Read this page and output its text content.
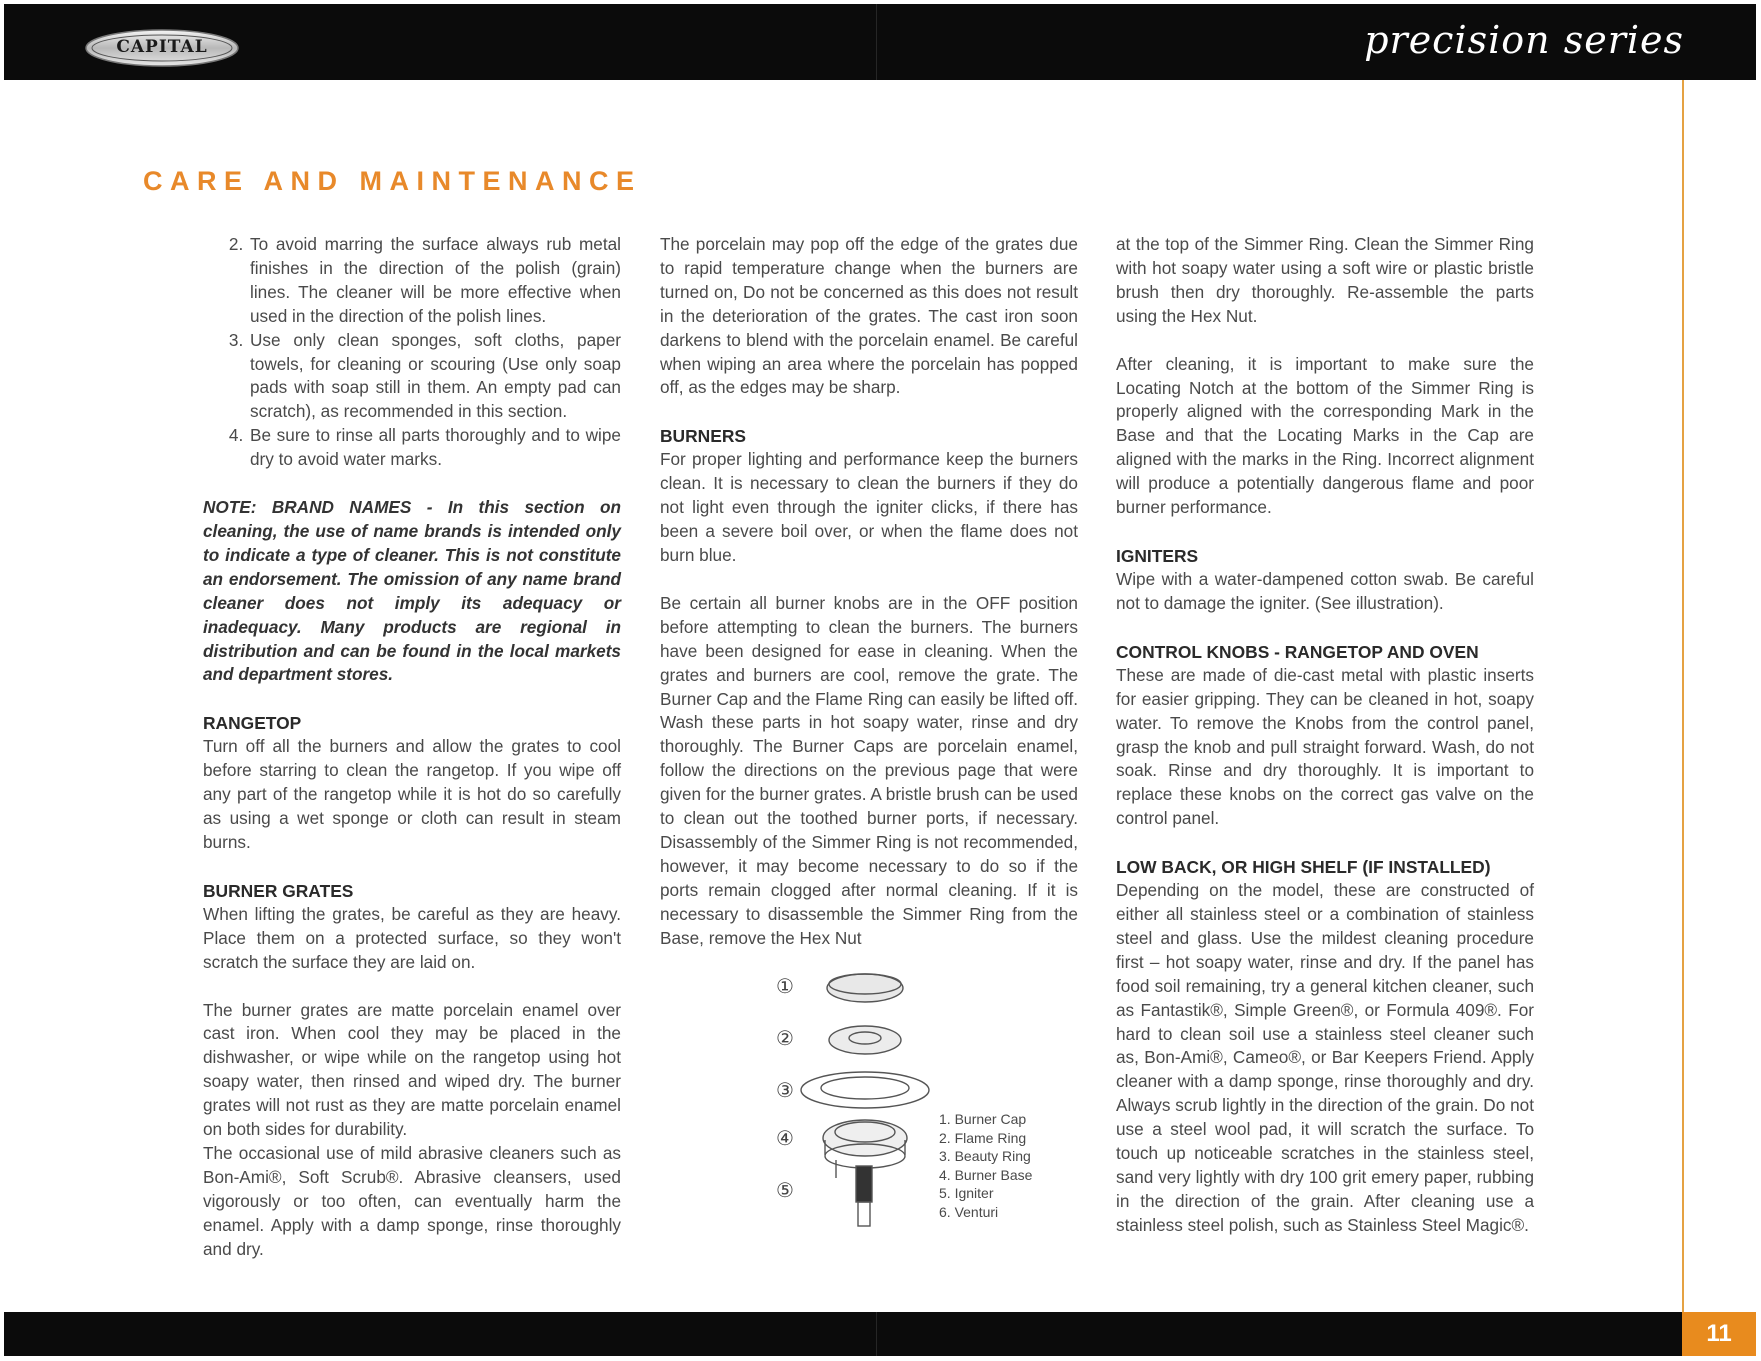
CAPITAL	precision series
CARE AND MAINTENANCE
2. To avoid marring the surface always rub metal finishes in the direction of the polish (grain) lines. The cleaner will be more effective when used in the direction of the polish lines.
3. Use only clean sponges, soft cloths, paper towels, for cleaning or scouring (Use only soap pads with soap still in them. An empty pad can scratch), as recommended in this section.
4. Be sure to rinse all parts thoroughly and to wipe dry to avoid water marks.

NOTE: BRAND NAMES - In this section on cleaning, the use of name brands is intended only to indicate a type of cleaner. This is not constitute an endorsement. The omission of any name brand cleaner does not imply its adequacy or inadequacy. Many products are regional in distribution and can be found in the local markets and department stores.

RANGETOP

Turn off all the burners and allow the grates to cool before starring to clean the rangetop. If you wipe off any part of the rangetop while it is hot do so carefully as using a wet sponge or cloth can result in steam burns.

BURNER GRATES

When lifting the grates, be careful as they are heavy. Place them on a protected surface, so they won't scratch the surface they are laid on.

The burner grates are matte porcelain enamel over cast iron. When cool they may be placed in the dishwasher, or wipe while on the rangetop using hot soapy water, then rinsed and wiped dry. The burner grates will not rust as they are matte porcelain enamel on both sides for durability.

The occasional use of mild abrasive cleaners such as Bon-Ami®, Soft Scrub®. Abrasive cleansers, used vigorously or too often, can eventually harm the enamel. Apply with a damp sponge, rinse thoroughly and dry.

The porcelain may pop off the edge of the grates due to rapid temperature change when the burners are turned on, Do not be concerned as this does not result in the deterioration of the grates. The cast iron soon darkens to blend with the porcelain enamel. Be careful when wiping an area where the porcelain has popped off, as the edges may be sharp.

BURNERS

For proper lighting and performance keep the burners clean. It is necessary to clean the burners if they do not light even through the igniter clicks, if there has been a severe boil over, or when the flame does not burn blue.

Be certain all burner knobs are in the OFF position before attempting to clean the burners. The burners have been designed for ease in cleaning. When the grates and burners are cool, remove the grate. The Burner Cap and the Flame Ring can easily be lifted off. Wash these parts in hot soapy water, rinse and dry thoroughly. The Burner Caps are porcelain enamel, follow the directions on the previous page that were given for the burner grates. A bristle brush can be used to clean out the toothed burner ports, if necessary. Disassembly of the Simmer Ring is not recommended, however, it may become necessary to do so if the ports remain clogged after normal cleaning. If it is necessary to disassemble the Simmer Ring from the Base, remove the Hex Nut

①
②
③
④
⑤
1. Burner Cap
2. Flame Ring
3. Beauty Ring
4. Burner Base
5. Igniter
6. Venturi

at the top of the Simmer Ring. Clean the Simmer Ring with hot soapy water using a soft wire or plastic bristle brush then dry thoroughly. Re-assemble the parts using the Hex Nut.

After cleaning, it is important to make sure the Locating Notch at the bottom of the Simmer Ring is properly aligned with the corresponding Mark in the Base and that the Locating Marks in the Cap are aligned with the marks in the Ring. Incorrect alignment will produce a potentially dangerous flame and poor burner performance.

IGNITERS

Wipe with a water-dampened cotton swab. Be careful not to damage the igniter. (See illustration).

CONTROL KNOBS - RANGETOP AND OVEN

These are made of die-cast metal with plastic inserts for easier gripping. They can be cleaned in hot, soapy water. To remove the Knobs from the control panel, grasp the knob and pull straight forward. Wash, do not soak. Rinse and dry thoroughly. It is important to replace these knobs on the correct gas valve on the control panel.

LOW BACK, OR HIGH SHELF (IF INSTALLED)

Depending on the model, these are constructed of either all stainless steel or a combination of stainless steel and glass. Use the mildest cleaning procedure first – hot soapy water, rinse and dry. If the panel has food soil remaining, try a general kitchen cleaner, such as Fantastik®, Simple Green®, or Formula 409®. For hard to clean soil use a stainless steel cleaner such as, Bon-Ami®, Cameo®, or Bar Keepers Friend. Apply cleaner with a damp sponge, rinse thoroughly and dry. Always scrub lightly in the direction of the grain. Do not use a steel wool pad, it will scratch the surface. To touch up noticeable scratches in the stainless steel, sand very lightly with dry 100 grit emery paper, rubbing in the direction of the grain. After cleaning use a stainless steel polish, such as Stainless Steel Magic®.

11
